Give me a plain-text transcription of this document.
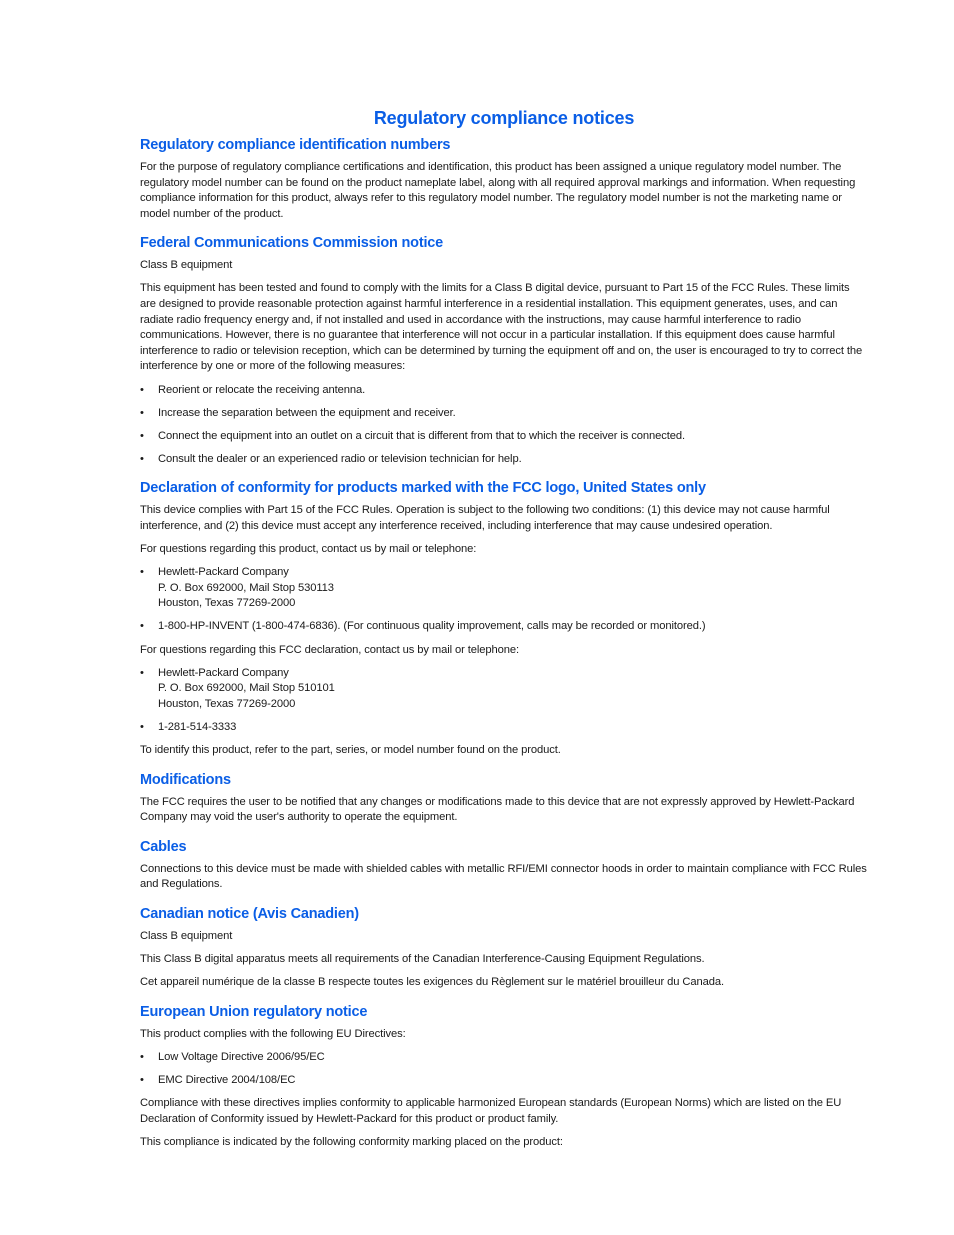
Regulatory compliance notices
Regulatory compliance identification numbers

For the purpose of regulatory compliance certifications and identification, this product has been assigned a unique regulatory model number. The regulatory model number can be found on the product nameplate label, along with all required approval markings and information. When requesting compliance information for this product, always refer to this regulatory model number. The regulatory model number is not the marketing name or model number of the product.

Federal Communications Commission notice

Class B equipment

This equipment has been tested and found to comply with the limits for a Class B digital device, pursuant to Part 15 of the FCC Rules. These limits are designed to provide reasonable protection against harmful interference in a residential installation. This equipment generates, uses, and can radiate radio frequency energy and, if not installed and used in accordance with the instructions, may cause harmful interference to radio communications. However, there is no guarantee that interference will not occur in a particular installation. If this equipment does cause harmful interference to radio or television reception, which can be determined by turning the equipment off and on, the user is encouraged to try to correct the interference by one or more of the following measures:

• Reorient or relocate the receiving antenna.
• Increase the separation between the equipment and receiver.
• Connect the equipment into an outlet on a circuit that is different from that to which the receiver is connected.
• Consult the dealer or an experienced radio or television technician for help.
Declaration of conformity for products marked with the FCC logo, United States only

This device complies with Part 15 of the FCC Rules. Operation is subject to the following two conditions: (1) this device may not cause harmful interference, and (2) this device must accept any interference received, including interference that may cause undesired operation.

For questions regarding this product, contact us by mail or telephone:

• Hewlett-Packard Company
P. O. Box 692000, Mail Stop 530113
Houston, Texas 77269-2000
• 1-800-HP-INVENT (1-800-474-6836). (For continuous quality improvement, calls may be recorded or monitored.)

For questions regarding this FCC declaration, contact us by mail or telephone:

• Hewlett-Packard Company
P. O. Box 692000, Mail Stop 510101
Houston, Texas 77269-2000
• 1-281-514-3333

To identify this product, refer to the part, series, or model number found on the product.

Modifications

The FCC requires the user to be notified that any changes or modifications made to this device that are not expressly approved by Hewlett-Packard Company may void the user's authority to operate the equipment.

Cables

Connections to this device must be made with shielded cables with metallic RFI/EMI connector hoods in order to maintain compliance with FCC Rules and Regulations.

Canadian notice (Avis Canadien)

Class B equipment

This Class B digital apparatus meets all requirements of the Canadian Interference-Causing Equipment Regulations.

Cet appareil numérique de la classe B respecte toutes les exigences du Règlement sur le matériel brouilleur du Canada.

European Union regulatory notice

This product complies with the following EU Directives:

• Low Voltage Directive 2006/95/EC
• EMC Directive 2004/108/EC

Compliance with these directives implies conformity to applicable harmonized European standards (European Norms) which are listed on the EU Declaration of Conformity issued by Hewlett-Packard for this product or product family.

This compliance is indicated by the following conformity marking placed on the product:
